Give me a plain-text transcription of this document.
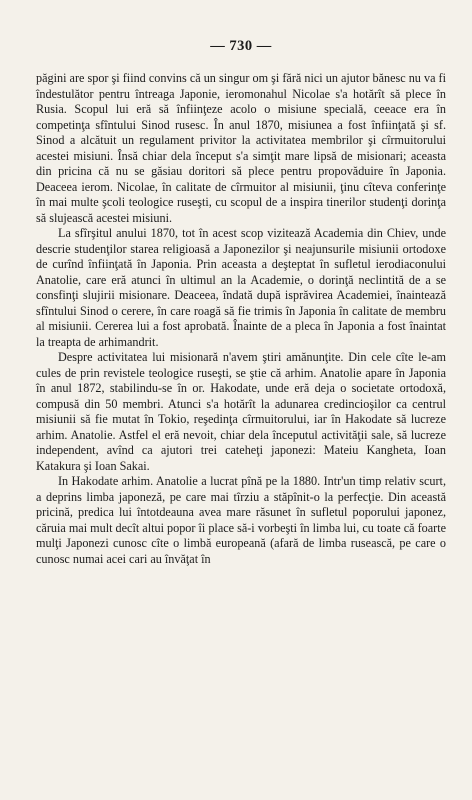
— 730 —

păgini are spor şi fiind convins că un singur om şi fără nici un ajutor bănesc nu va fi îndestulător pentru întreaga Japonie, ieromonahul Nicolae s'a hotărît să plece în Rusia. Scopul lui eră să înfiinţeze acolo o misiune specială, ceeace era în competinţa sfîntului Sinod rusesc. În anul 1870, misiunea a fost înfiinţată şi sf. Sinod a alcătuit un regulament privitor la activitatea membrilor şi cîrmuitorului acestei misiuni. Însă chiar dela început s'a simţit mare lipsă de misionari; aceasta din pricina că nu se găsiau doritori să plece pentru propovăduire în Japonia. Deaceea ierom. Nicolae, în calitate de cîrmuitor al misiunii, ţinu cîteva conferinţe în mai multe şcoli teologice ruseşti, cu scopul de a inspira tinerilor studenţi dorinţa să slujească acestei misiuni.

La sfîrşitul anului 1870, tot în acest scop vizitează Academia din Chiev, unde descrie studenţilor starea religioasă a Japonezilor şi neajunsurile misiunii ortodoxe de curînd înfiinţată în Japonia. Prin aceasta a deşteptat în sufletul ierodiaconului Anatolie, care eră atunci în ultimul an la Academie, o dorinţă neclintită de a se consfinţi slujirii misionare. Deaceea, îndată după isprăvirea Academiei, înaintează sfîntului Sinod o cerere, în care roagă să fie trimis în Japonia în calitate de membru al misiunii. Cererea lui a fost aprobată. Înainte de a pleca în Japonia a fost înaintat la treapta de arhimandrit.

Despre activitatea lui misionară n'avem ştiri amănunţite. Din cele cîte le-am cules de prin revistele teologice ruseşti, se ştie că arhim. Anatolie apare în Japonia în anul 1872, stabilindu-se în or. Hakodate, unde eră deja o societate ortodoxă, compusă din 50 membri. Atunci s'a hotărît la adunarea credincioşilor ca centrul misiunii să fie mutat în Tokio, reşedinţa cîrmuitorului, iar în Hakodate să lucreze arhim. Anatolie. Astfel el eră nevoit, chiar dela începutul activităţii sale, să lucreze independent, avînd ca ajutori trei cateheţi japonezi: Mateiu Kangheta, Ioan Katakura şi Ioan Sakai.

In Hakodate arhim. Anatolie a lucrat pînă pe la 1880. Intr'un timp relativ scurt, a deprins limba japoneză, pe care mai tîrziu a stăpînit-o la perfecţie. Din această pricină, predica lui întotdeauna avea mare răsunet în sufletul poporului japonez, căruia mai mult decît altui popor îi place să-i vorbeşti în limba lui, cu toate că foarte mulţi Japonezi cunosc cîte o limbă europeană (afară de limba rusească, pe care o cunosc numai acei cari au învăţat în
